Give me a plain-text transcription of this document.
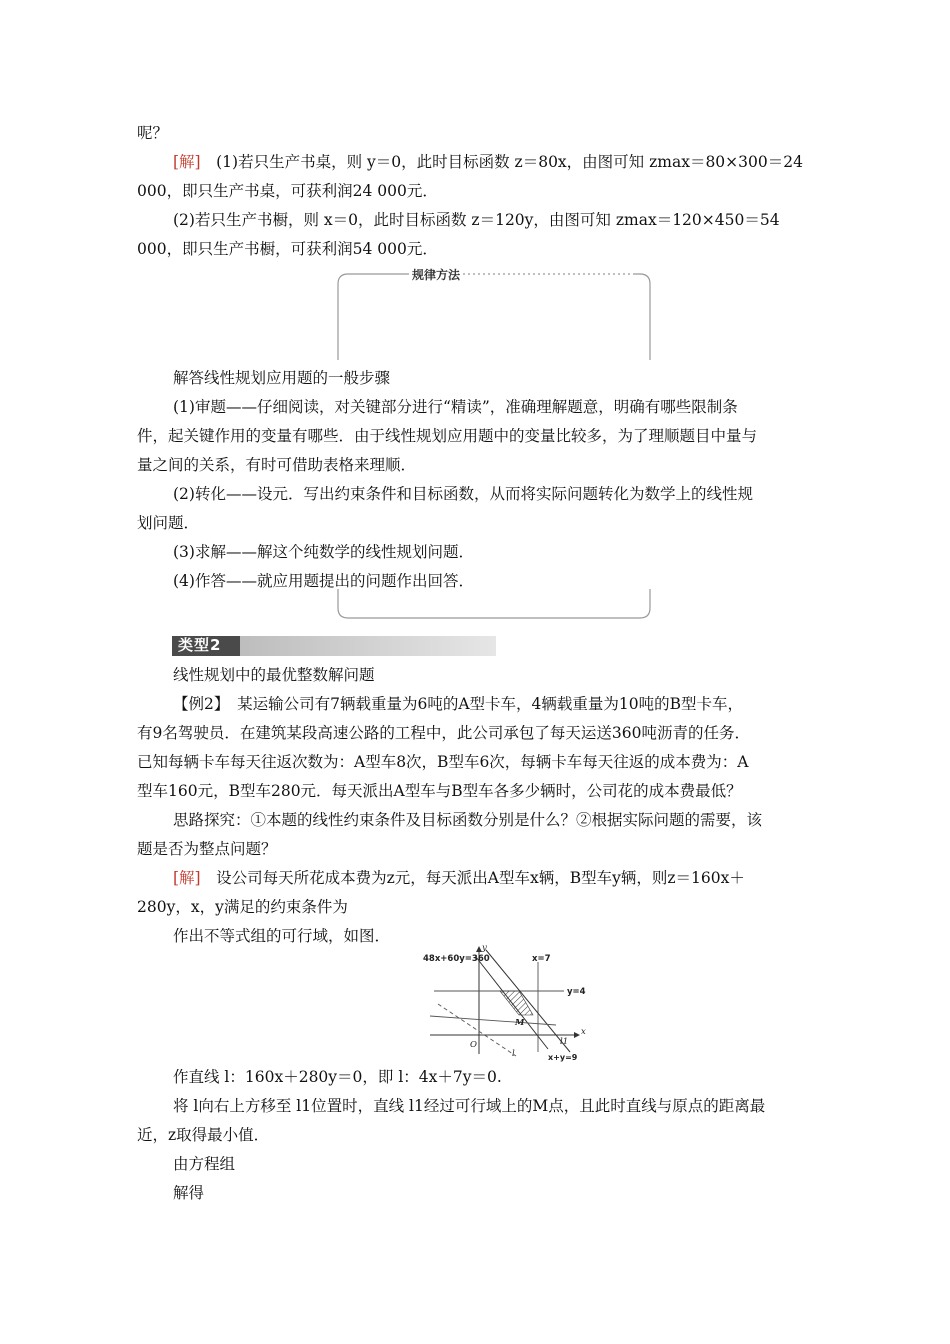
呢？
[解]　(1)若只生产书桌，则 y＝0，此时目标函数 z＝80x，由图可知 zmax＝80×300＝24
000，即只生产书桌，可获利润24 000元．
(2)若只生产书橱，则 x＝0，此时目标函数 z＝120y，由图可知 zmax＝120×450＝54
000，即只生产书橱，可获利润54 000元．
规律方法
解答线性规划应用题的一般步骤
(1)审题——仔细阅读，对关键部分进行“精读”，准确理解题意，明确有哪些限制条
件，起关键作用的变量有哪些．由于线性规划应用题中的变量比较多，为了理顺题目中量与
量之间的关系，有时可借助表格来理顺．
(2)转化——设元．写出约束条件和目标函数，从而将实际问题转化为数学上的线性规
划问题．
(3)求解——解这个纯数学的线性规划问题．
(4)作答——就应用题提出的问题作出回答．
类型2
线性规划中的最优整数解问题
【例2】　某运输公司有7辆载重量为6吨的A型卡车，4辆载重量为10吨的B型卡车，
有9名驾驶员．在建筑某段高速公路的工程中，此公司承包了每天运送360吨沥青的任务．
已知每辆卡车每天往返次数为：A型车8次，B型车6次，每辆卡车每天往返的成本费为：A
型车160元，B型车280元．每天派出A型车与B型车各多少辆时，公司花的成本费最低？
思路探究：①本题的线性约束条件及目标函数分别是什么？②根据实际问题的需要，该
题是否为整点问题？
[解]　设公司每天所花成本费为z元，每天派出A型车x辆，B型车y辆，则z＝160x＋
280y，x，y满足的约束条件为
作出不等式组的可行域，如图．
48x+60y=360	x=7
y=4
y
x
O
M
l
l1
x+y=9
作直线 l：160x＋280y＝0，即 l：4x＋7y＝0.
将 l向右上方移至 l1位置时，直线 l1经过可行域上的M点，且此时直线与原点的距离最
近，z取得最小值．
由方程组
解得
